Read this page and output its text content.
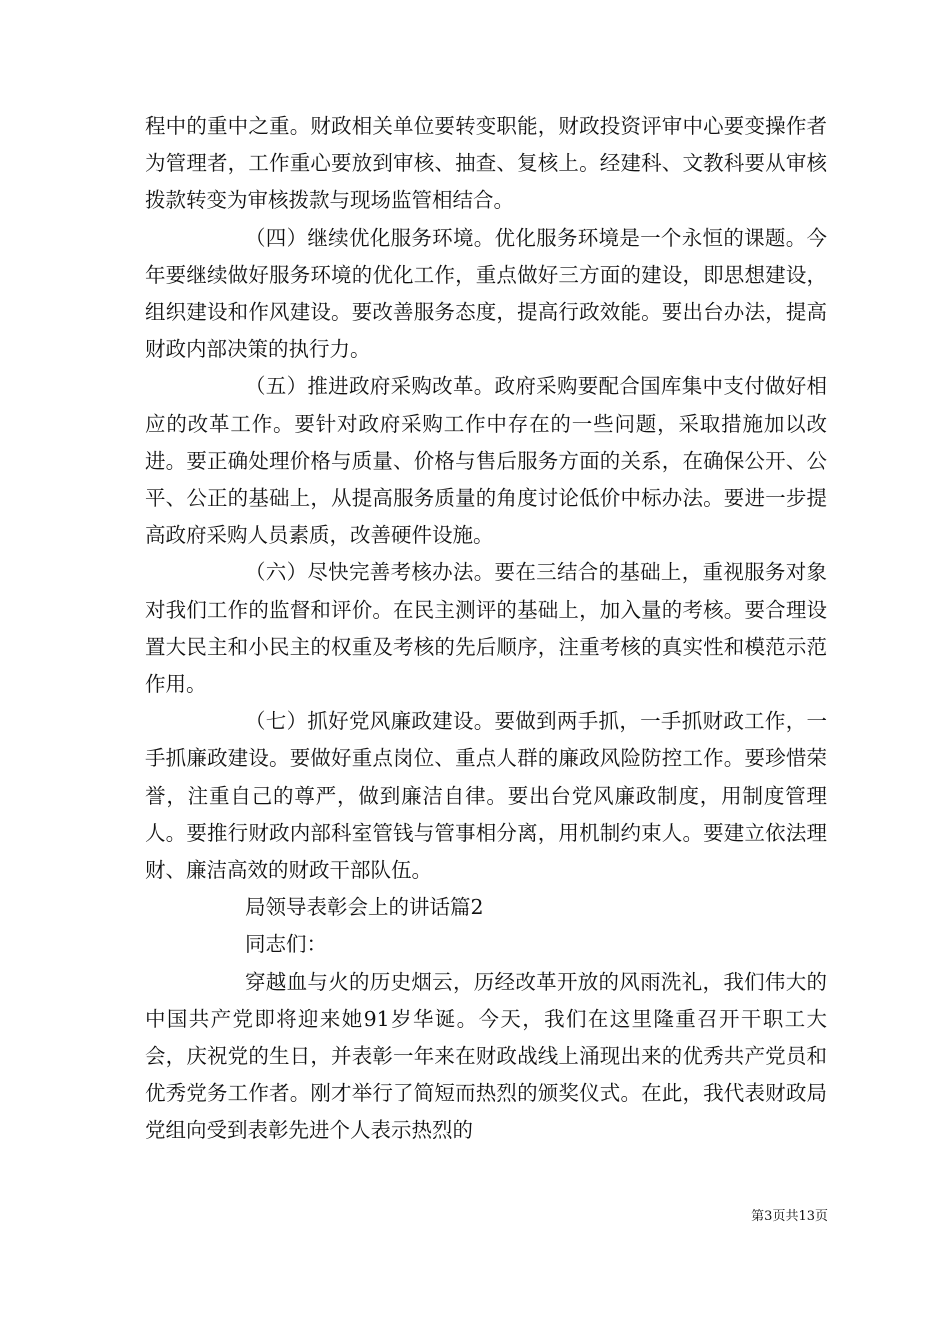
程中的重中之重。财政相关单位要转变职能，财政投资评审中心要变操作者为管理者，工作重心要放到审核、抽查、复核上。经建科、文教科要从审核拨款转变为审核拨款与现场监管相结合。

（四）继续优化服务环境。优化服务环境是一个永恒的课题。今年要继续做好服务环境的优化工作，重点做好三方面的建设，即思想建设，组织建设和作风建设。要改善服务态度，提高行政效能。要出台办法，提高财政内部决策的执行力。

（五）推进政府采购改革。政府采购要配合国库集中支付做好相应的改革工作。要针对政府采购工作中存在的一些问题，采取措施加以改进。要正确处理价格与质量、价格与售后服务方面的关系，在确保公开、公平、公正的基础上，从提高服务质量的角度讨论低价中标办法。要进一步提高政府采购人员素质，改善硬件设施。

（六）尽快完善考核办法。要在三结合的基础上，重视服务对象对我们工作的监督和评价。在民主测评的基础上，加入量的考核。要合理设置大民主和小民主的权重及考核的先后顺序，注重考核的真实性和模范示范作用。

（七）抓好党风廉政建设。要做到两手抓，一手抓财政工作，一手抓廉政建设。要做好重点岗位、重点人群的廉政风险防控工作。要珍惜荣誉，注重自己的尊严，做到廉洁自律。要出台党风廉政制度，用制度管理人。要推行财政内部科室管钱与管事相分离，用机制约束人。要建立依法理财、廉洁高效的财政干部队伍。

局领导表彰会上的讲话篇2

同志们：

穿越血与火的历史烟云，历经改革开放的风雨洗礼，我们伟大的中国共产党即将迎来她91岁华诞。今天，我们在这里隆重召开干职工大会，庆祝党的生日，并表彰一年来在财政战线上涌现出来的优秀共产党员和优秀党务工作者。刚才举行了简短而热烈的颁奖仪式。在此，我代表财政局党组向受到表彰先进个人表示热烈的

第3页共13页
